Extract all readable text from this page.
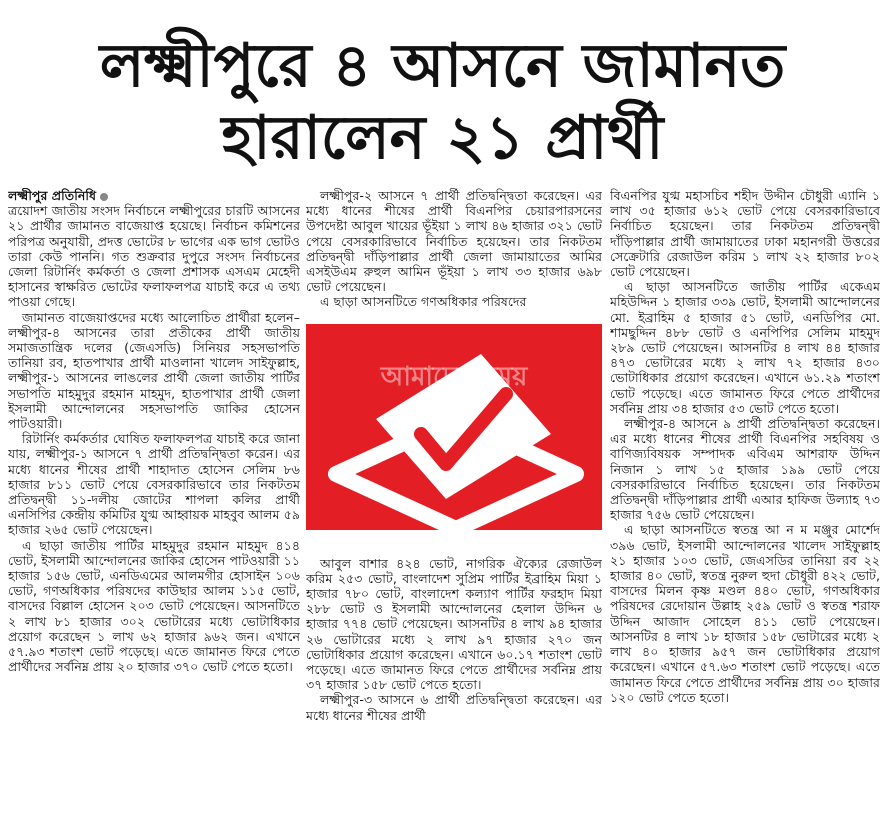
লক্ষ্মীপুরে ৪ আসনে জামানত
হারালেন ২১ প্রার্থী
লক্ষ্মীপুর প্রতিনিধি

ত্রয়োদশ জাতীয় সংসদ নির্বাচনে লক্ষ্মীপুরের চারটি আসনের ২১ প্রার্থীর জামানত বাজেয়াপ্ত হয়েছে। নির্বাচন কমিশনের পরিপত্র অনুযায়ী, প্রদত্ত ভোটের ৮ ভাগের এক ভাগ ভোটও তারা কেউ পাননি। গত শুক্রবার দুপুরে সংসদ নির্বাচনের জেলা রিটার্নিং কর্মকর্তা ও জেলা প্রশাসক এসএম মেহেদী হাসানের স্বাক্ষরিত ভোটের ফলাফলপত্র যাচাই করে এ তথ্য পাওয়া গেছে।

জামানত বাজেয়াপ্তদের মধ্যে আলোচিত প্রার্থীরা হলেন– লক্ষ্মীপুর-৪ আসনের তারা প্রতীকের প্রার্থী জাতীয় সমাজতান্ত্রিক দলের (জেএসডি) সিনিয়র সহসভাপতি তানিয়া রব, হাতপাখার প্রার্থী মাওলানা খালেদ সাইফুল্লাহ, লক্ষ্মীপুর-১ আসনের লাঙলের প্রার্থী জেলা জাতীয় পার্টির সভাপতি মাহমুদুর রহমান মাহমুদ, হাতপাখার প্রার্থী জেলা ইসলামী আন্দোলনের সহসভাপতি জাকির হোসেন পাটওয়ারী।

রিটার্নিং কর্মকর্তার ঘোষিত ফলাফলপত্র যাচাই করে জানা যায়, লক্ষ্মীপুর-১ আসনে ৭ প্রার্থী প্রতিদ্বন্দ্বিতা করেন। এর মধ্যে ধানের শীষের প্রার্থী শাহাদাত হোসেন সেলিম ৮৬ হাজার ৮১১ ভোট পেয়ে বেসরকারিভাবে তার নিকটতম প্রতিদ্বন্দ্বী ১১-দলীয় জোটের শাপলা কলির প্রার্থী এনসিপির কেন্দ্রীয় কমিটির যুগ্ম আহ্বায়ক মাহবুব আলম ৫৯ হাজার ২৬৫ ভোট পেয়েছেন।

এ ছাড়া জাতীয় পার্টির মাহমুদুর রহমান মাহমুদ ৪১৪ ভোট, ইসলামী আন্দোলনের জাকির হোসেন পাটওয়ারী ১১ হাজার ১৫৬ ভোট, এনডিএমের আলমগীর হোসাইন ১০৬ ভোট, গণঅধিকার পরিষদের কাউছার আলম ১১৫ ভোট, বাসদের বিল্লাল হোসেন ২০৩ ভোট পেয়েছেন। আসনটিতে ২ লাখ ৮১ হাজার ৩০২ ভোটারের মধ্যে ভোটাধিকার প্রয়োগ করেছেন ১ লাখ ৬২ হাজার ৯৬২ জন। এখানে ৫৭.৯৩ শতাংশ ভোট পড়েছে। এতে জামানত ফিরে পেতে প্রার্থীদের সর্বনিম্ন প্রায় ২০ হাজার ৩৭০ ভোট পেতে হতো।

লক্ষ্মীপুর-২ আসনে ৭ প্রার্থী প্রতিদ্বন্দ্বিতা করেছেন। এর মধ্যে ধানের শীষের প্রার্থী বিএনপির চেয়ারপারসনের উপদেষ্টা আবুল খায়ের ভূঁইয়া ১ লাখ ৪৬ হাজার ৩২১ ভোট পেয়ে বেসরকারিভাবে নির্বাচিত হয়েছেন। তার নিকটতম প্রতিদ্বন্দ্বী দাঁড়িপাল্লার প্রার্থী জেলা জামায়াতের আমির এসইউএম রুহুল আমিন ভূঁইয়া ১ লাখ ৩৩ হাজার ৬৯৮ ভোট পেয়েছেন।

এ ছাড়া আসনটিতে গণঅধিকার পরিষদের

আমাদের সময়

আবুল বাশার ৪২৪ ভোট, নাগরিক ঐক্যের রেজাউল করিম ২৫৩ ভোট, বাংলাদেশ সুপ্রিম পার্টির ইব্রাহিম মিয়া ১ হাজার ৭৮০ ভোট, বাংলাদেশ কল্যাণ পার্টির ফরহাদ মিয়া ২৮৮ ভোট ও ইসলামী আন্দোলনের হেলাল উদ্দিন ৬ হাজার ৭৭৪ ভোট পেয়েছেন। আসনটির ৪ লাখ ৯৪ হাজার ২৬ ভোটারের মধ্যে ২ লাখ ৯৭ হাজার ২৭০ জন ভোটাধিকার প্রয়োগ করেছেন। এখানে ৬০.১৭ শতাংশ ভোট পড়েছে। এতে জামানত ফিরে পেতে প্রার্থীদের সর্বনিম্ন প্রায় ৩৭ হাজার ১৫৮ ভোট পেতে হতো।

লক্ষ্মীপুর-৩ আসনে ৬ প্রার্থী প্রতিদ্বন্দ্বিতা করেছেন। এর মধ্যে ধানের শীষের প্রার্থী

বিএনপির যুগ্ম মহাসচিব শহীদ উদ্দীন চৌধুরী এ্যানি ১ লাখ ৩৫ হাজার ৬১২ ভোট পেয়ে বেসরকারিভাবে নির্বাচিত হয়েছেন। তার নিকটতম প্রতিদ্বন্দ্বী দাঁড়িপাল্লার প্রার্থী জামায়াতের ঢাকা মহানগরী উত্তরের সেক্রেটারি রেজাউল করিম ১ লাখ ২২ হাজার ৮০২ ভোট পেয়েছেন।

এ ছাড়া আসনটিতে জাতীয় পার্টির একেএম মহিউদ্দিন ১ হাজার ৩৩৯ ভোট, ইসলামী আন্দোলনের মো. ইব্রাহিম ৫ হাজার ৫১ ভোট, এনডিপির মো. শামছুদ্দিন ৪৮৮ ভোট ও এনপিপির সেলিম মাহমুদ ২৮৯ ভোট পেয়েছেন। আসনটির ৪ লাখ ৪৪ হাজার ৪৭৩ ভোটারের মধ্যে ২ লাখ ৭২ হাজার ৪৩০ ভোটাধিকার প্রয়োগ করেছেন। এখানে ৬১.২৯ শতাংশ ভোট পড়েছে। এতে জামানত ফিরে পেতে প্রার্থীদের সর্বনিম্ন প্রায় ৩৪ হাজার ৫৩ ভোট পেতে হতো।

লক্ষ্মীপুর-৪ আসনে ৯ প্রার্থী প্রতিদ্বন্দ্বিতা করেছেন। এর মধ্যে ধানের শীষের প্রার্থী বিএনপির সহবিষয় ও বাণিজ্যবিষয়ক সম্পাদক এবিএম আশরাফ উদ্দিন নিজান ১ লাখ ১৫ হাজার ১৯৯ ভোট পেয়ে বেসরকারিভাবে নির্বাচিত হয়েছেন। তার নিকটতম প্রতিদ্বন্দ্বী দাঁড়িপাল্লার প্রার্থী এআর হাফিজ উল্যাহ ৭৩ হাজার ৭৫৬ ভোট পেয়েছেন।

এ ছাড়া আসনটিতে স্বতন্ত্র আ ন ম মঞ্জুর মোর্শেদ ৩৯৬ ভোট, ইসলামী আন্দোলনের খালেদ সাইফুল্লাহ ২১ হাজার ১০৩ ভোট, জেএসডির তানিয়া রব ২২ হাজার ৪০ ভোট, স্বতন্ত্র নুরুল হুদা চৌধুরী ৪২২ ভোট, বাসদের মিলন কৃষ্ণ মণ্ডল ৪৪০ ভোট, গণঅধিকার পরিষদের রেদোয়ান উল্লাহ ২৫৯ ভোট ও স্বতন্ত্র শরাফ উদ্দিন আজাদ সোহেল ৪১১ ভোট পেয়েছেন। আসনটির ৪ লাখ ১৮ হাজার ১৫৮ ভোটারের মধ্যে ২ লাখ ৪০ হাজার ৯৫৭ জন ভোটাধিকার প্রয়োগ করেছেন। এখানে ৫৭.৬৩ শতাংশ ভোট পড়েছে। এতে জামানত ফিরে পেতে প্রার্থীদের সর্বনিম্ন প্রায় ৩০ হাজার ১২০ ভোট পেতে হতো।
